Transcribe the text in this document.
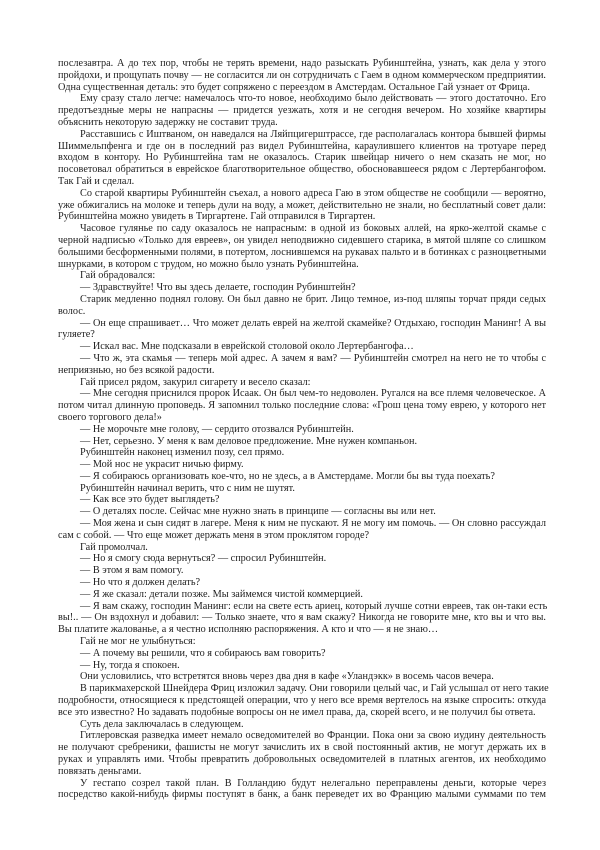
послезавтра. А до тех пор, чтобы не терять времени, надо разыскать Рубинштейна, узнать, как дела у этого
пройдохи, и прощупать почву — не согласится ли он сотрудничать с Гаем в одном коммерческом предприятии.
Одна существенная деталь: это будет сопряжено с переездом в Амстердам. Остальное Гай узнает от Фрица.
Ему сразу стало легче: намечалось что-то новое, необходимо было действовать — этого достаточно. Его
предотъездные меры не напрасны — придется уезжать, хотя и не сегодня вечером. Но хозяйке квартиры
объяснить некоторую задержку не составит труда.
Расставшись с Иштваном, он наведался на Ляйпцигерштрассе, где располагалась контора бывшей фирмы
Шиммельпфенга и где он в последний раз видел Рубинштейна, караулившего клиентов на тротуаре перед
входом в контору. Но Рубинштейна там не оказалось. Старик швейцар ничего о нем сказать не мог, но
посоветовал обратиться в еврейское благотворительное общество, обосновавшееся рядом с Лертербангофом.
Так Гай и сделал.
Со старой квартиры Рубинштейн съехал, а нового адреса Гаю в этом обществе не сообщили — вероятно,
уже обжигались на молоке и теперь дули на воду, а может, действительно не знали, но бесплатный совет дали:
Рубинштейна можно увидеть в Тиргартене. Гай отправился в Тиргартен.
Часовое гулянье по саду оказалось не напрасным: в одной из боковых аллей, на ярко-желтой скамье с
черной надписью «Только для евреев», он увидел неподвижно сидевшего старика, в мятой шляпе со слишком
большими бесформенными полями, в потертом, лоснившемся на рукавах пальто и в ботинках с разноцветными
шнурками, в котором с трудом, но можно было узнать Рубинштейна.
Гай обрадовался:
— Здравствуйте! Что вы здесь делаете, господин Рубинштейн?
Старик медленно поднял голову. Он был давно не брит. Лицо темное, из-под шляпы торчат пряди седых
волос.
— Он еще спрашивает… Что может делать еврей на желтой скамейке? Отдыхаю, господин Манинг! А вы
гуляете?
— Искал вас. Мне подсказали в еврейской столовой около Лертербангофа…
— Что ж, эта скамья — теперь мой адрес. А зачем я вам? — Рубинштейн смотрел на него не то чтобы с
неприязнью, но без всякой радости.
Гай присел рядом, закурил сигарету и весело сказал:
— Мне сегодня приснился пророк Исаак. Он был чем-то недоволен. Ругался на все племя человеческое. А
потом читал длинную проповедь. Я запомнил только последние слова: «Грош цена тому еврею, у которого нет
своего торгового дела!»
— Не морочьте мне голову, — сердито отозвался Рубинштейн.
— Нет, серьезно. У меня к вам деловое предложение. Мне нужен компаньон.
Рубинштейн наконец изменил позу, сел прямо.
— Мой нос не украсит ничью фирму.
— Я собираюсь организовать кое-что, но не здесь, а в Амстердаме. Могли бы вы туда поехать?
Рубинштейн начинал верить, что с ним не шутят.
— Как все это будет выглядеть?
— О деталях после. Сейчас мне нужно знать в принципе — согласны вы или нет.
— Моя жена и сын сидят в лагере. Меня к ним не пускают. Я не могу им помочь. — Он словно рассуждал
сам с собой. — Что еще может держать меня в этом проклятом городе?
Гай промолчал.
— Но я смогу сюда вернуться? — спросил Рубинштейн.
— В этом я вам помогу.
— Но что я должен делать?
— Я же сказал: детали позже. Мы займемся чистой коммерцией.
— Я вам скажу, господин Манинг: если на свете есть ариец, который лучше сотни евреев, так он-таки есть
вы!.. — Он вздохнул и добавил: — Только знаете, что я вам скажу? Никогда не говорите мне, кто вы и что вы.
Вы платите жалованье, а я честно исполняю распоряжения. А кто и что — я не знаю…
Гай не мог не улыбнуться:
— А почему вы решили, что я собираюсь вам говорить?
— Ну, тогда я спокоен.
Они условились, что встретятся вновь через два дня в кафе «Уландэкк» в восемь часов вечера.
В парикмахерской Шнейдера Фриц изложил задачу. Они говорили целый час, и Гай услышал от него такие
подробности, относящиеся к предстоящей операции, что у него все время вертелось на языке спросить: откуда
все это известно? Но задавать подобные вопросы он не имел права, да, скорей всего, и не получил бы ответа.
Суть дела заключалась в следующем.
Гитлеровская разведка имеет немало осведомителей во Франции. Пока они за свою иудину деятельность
не получают сребреники, фашисты не могут зачислить их в свой постоянный актив, не могут держать их в
руках и управлять ими. Чтобы превратить добровольных осведомителей в платных агентов, их необходимо
повязать деньгами.
У гестапо созрел такой план. В Голландию будут нелегально переправлены деньги, которые через
посредство какой-нибудь фирмы поступят в банк, а банк переведет их во Францию малыми суммами по тем
